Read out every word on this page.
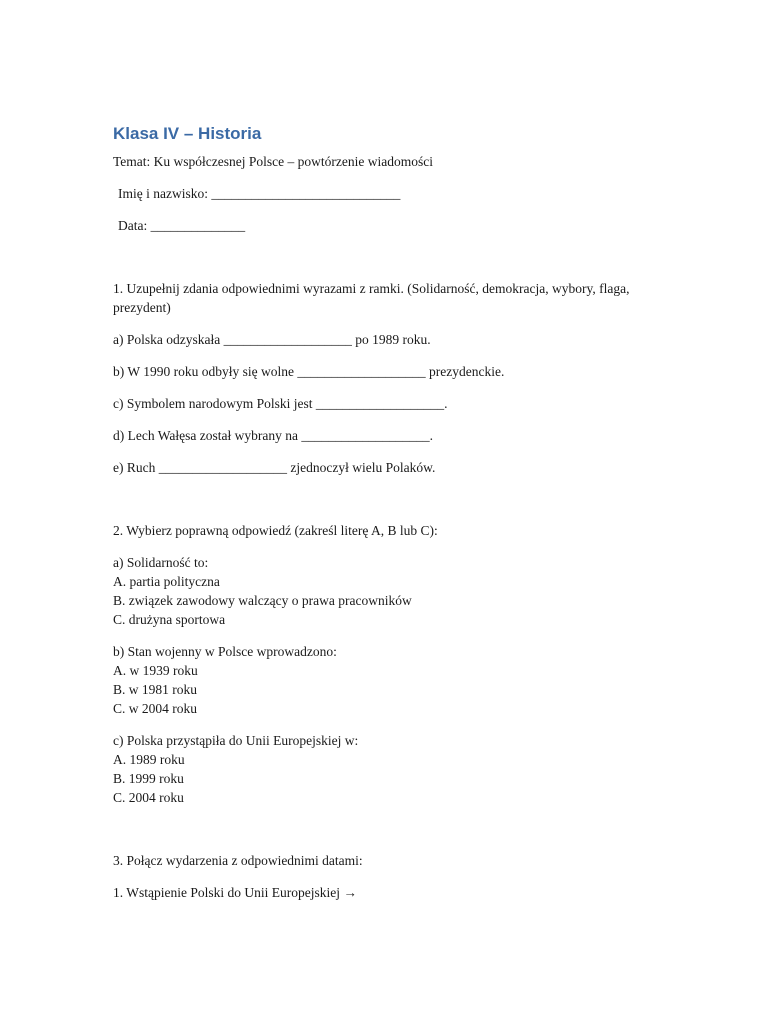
Klasa IV – Historia

Temat: Ku współczesnej Polsce – powtórzenie wiadomości

Imię i nazwisko: ____________________________

Data: ______________

1. Uzupełnij zdania odpowiednimi wyrazami z ramki. (Solidarność, demokracja, wybory, flaga, prezydent)

a) Polska odzyskała ___________________ po 1989 roku.

b) W 1990 roku odbyły się wolne ___________________ prezydenckie.

c) Symbolem narodowym Polski jest ___________________.

d) Lech Wałęsa został wybrany na ___________________.

e) Ruch ___________________ zjednoczył wielu Polaków.

2. Wybierz poprawną odpowiedź (zakreśl literę A, B lub C):

a) Solidarność to:

A. partia polityczna

B. związek zawodowy walczący o prawa pracowników

C. drużyna sportowa

b) Stan wojenny w Polsce wprowadzono:

A. w 1939 roku

B. w 1981 roku

C. w 2004 roku

c) Polska przystąpiła do Unii Europejskiej w:

A. 1989 roku

B. 1999 roku

C. 2004 roku

3. Połącz wydarzenia z odpowiednimi datami:

1. Wstąpienie Polski do Unii Europejskiej →
